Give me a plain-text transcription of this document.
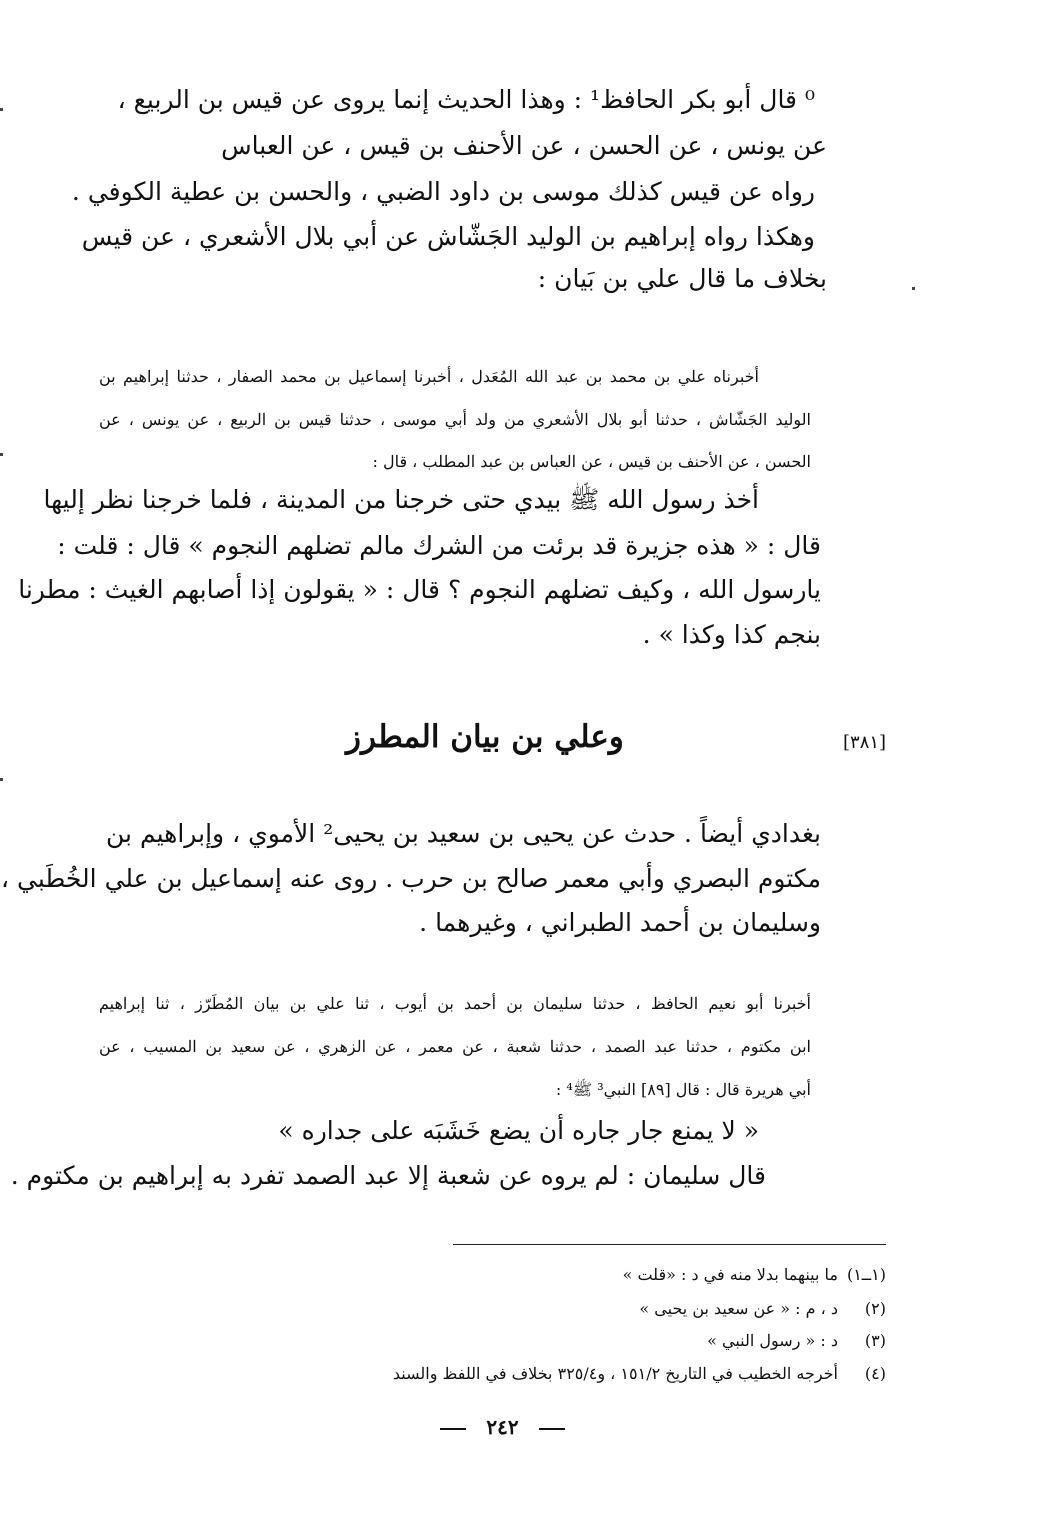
⁰ قال أبو بكر الحافظ¹ : وهذا الحديث إنما يروى عن قيس بن الربيع ،
عن يونس ، عن الحسن ، عن الأحنف بن قيس ، عن العباس
رواه عن قيس كذلك موسى بن داود الضبي ، والحسن بن عطية الكوفي .
وهكذا رواه إبراهيم بن الوليد الجَشّاش عن أبي بلال الأشعري ، عن قيس
بخلاف ما قال علي بن بَيان :
أخبرناه علي بن محمد بن عبد الله المُعَدل ، أخبرنا إسماعيل بن محمد الصفار ، حدثنا إبراهيم بن
الوليد الجَشّاش ، حدثنا أبو بلال الأشعري من ولد أبي موسى ، حدثنا قيس بن الربيع ، عن يونس ، عن
الحسن ، عن الأحنف بن قيس ، عن العباس بن عبد المطلب ، قال :
أخذ رسول الله ﷺ بيدي حتى خرجنا من المدينة ، فلما خرجنا نظر إليها
قال : « هذه جزيرة قد برئت من الشرك مالم تضلهم النجوم » قال : قلت :
يارسول الله ، وكيف تضلهم النجوم ؟ قال : « يقولون إذا أصابهم الغيث : مطرنا
بنجم كذا وكذا » .
وعلي بن بيان المطرز	[٣٨١]
بغدادي أيضاً . حدث عن يحيى بن سعيد بن يحيى² الأموي ، وإبراهيم بن
مكتوم البصري وأبي معمر صالح بن حرب . روى عنه إسماعيل بن علي الخُطَبي ،
وسليمان بن أحمد الطبراني ، وغيرهما .
أخبرنا أبو نعيم الحافظ ، حدثنا سليمان بن أحمد بن أيوب ، ثنا علي بن بيان المُطَرّز ، ثنا إبراهيم
ابن مكتوم ، حدثنا عبد الصمد ، حدثنا شعبة ، عن معمر ، عن الزهري ، عن سعيد بن المسيب ، عن
أبي هريرة قال : قال [٨٩] النبي³ ﷺ⁴ :
« لا يمنع جار جاره أن يضع خَشَبَه على جداره »
قال سليمان : لم يروه عن شعبة إلا عبد الصمد تفرد به إبراهيم بن مكتوم .
(١ــ١)
ما بينهما بدلا منه في د : «قلت »
(٢)
د ، م : « عن سعيد بن يحيى »
(٣)
د : « رسول النبي »
(٤)
أخرجه الخطيب في التاريخ ١٥١/٢ ، و٣٢٥/٤ بخلاف في اللفظ والسند
٢٤٢
